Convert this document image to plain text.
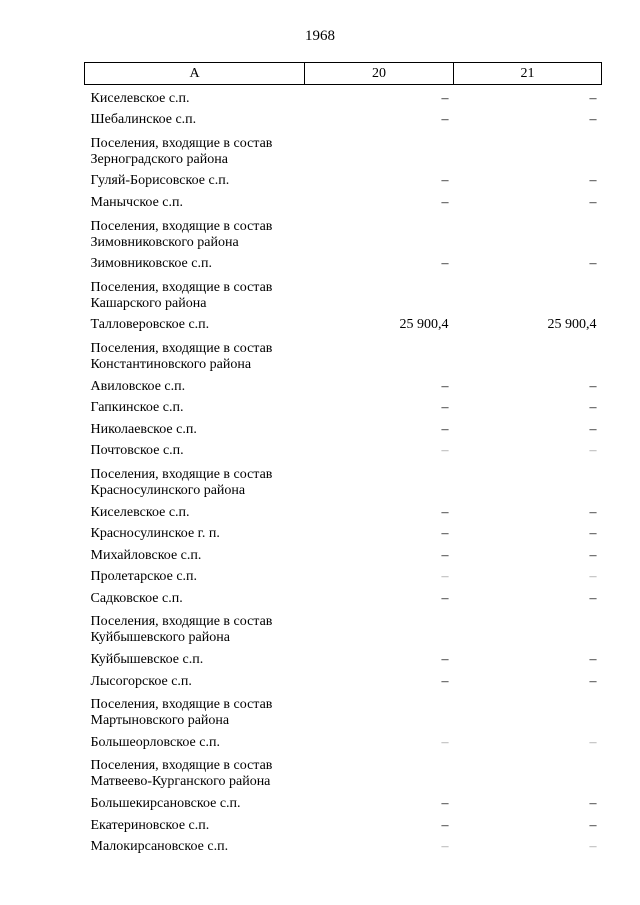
1968
А	20	21
Киселевское с.п.	–	–
Шебалинское с.п.	–	–
Поселения, входящие в состав Зерноградского района		
Гуляй-Борисовское с.п.	–	–
Манычское с.п.	–	–
Поселения, входящие в состав Зимовниковского района		
Зимовниковское с.п.	–	–
Поселения, входящие в состав Кашарского района		
Талловеровское с.п.	25 900,4	25 900,4
Поселения, входящие в состав Константиновского района		
Авиловское с.п.	–	–
Гапкинское с.п.	–	–
Николаевское с.п.	–	–
Почтовское с.п.	–	–
Поселения, входящие в состав Красносулинского района		
Киселевское с.п.	–	–
Красносулинское г. п.	–	–
Михайловское с.п.	–	–
Пролетарское с.п.	–	–
Садковское с.п.	–	–
Поселения, входящие в состав Куйбышевского района		
Куйбышевское с.п.	–	–
Лысогорское с.п.	–	–
Поселения, входящие в состав Мартыновского района		
Большеорловское с.п.	–	–
Поселения, входящие в состав Матвеево-Курганского района		
Большекирсановское с.п.	–	–
Екатериновское с.п.	–	–
Малокирсановское с.п.	–	–
